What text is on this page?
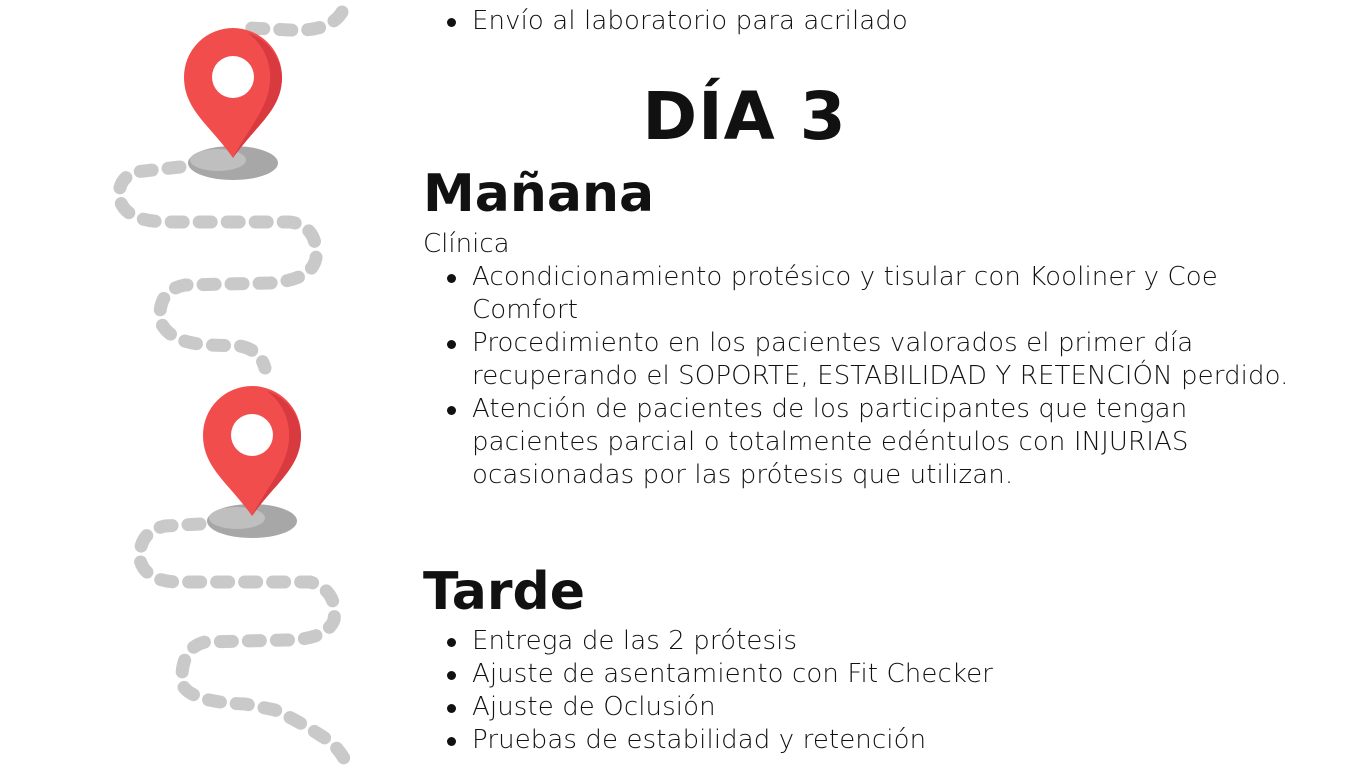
Envío al laboratorio para acrilado
DÍA 3
Mañana
Clínica
Acondicionamiento protésico y tisular con Kooliner y Coe Comfort
Procedimiento en los pacientes valorados el primer día recuperando el SOPORTE, ESTABILIDAD Y RETENCIÓN perdido.
Atención de pacientes de los participantes que tengan pacientes parcial o totalmente edéntulos con INJURIAS ocasionadas por las prótesis que utilizan.
Tarde
Entrega de las 2 prótesis
Ajuste de asentamiento con Fit Checker
Ajuste de Oclusión
Pruebas de estabilidad y retención
